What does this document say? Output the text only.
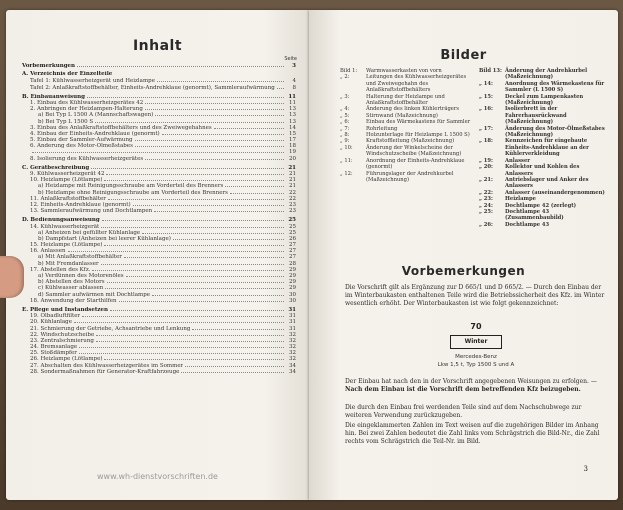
Inhalt
Seite
Vorbemerkungen	3
A. Verzeichnis der Einzelteile
Tafel 1: Kühlwasserheizgerät und Heizlampe	4
Tafel 2: Anlaßkraftstoffbehälter, Einheits-Andrehklaue (genormt), Sammleraufwärmung	8
B. Einbauanweisung	11
1. Einbau des Kühlwasserheizgerätes 42	11
2. Anbringen der Heizlampen-Halterung	13
a) Bei Typ L 1500 A (Mannschaftswagen)	13
b) Bei Typ L 1500 S	13
3. Einbau des Anlaßkraftstoffbehälters und des Zweiwegehahnes	14
4. Einbau der Einheits-Andrehklaue (genormt)	15
5. Einbau der Sammler-Aufwärmung	17
6. Änderung des Motor-Ölmeßstabes	18
19
8. Isolierung des Kühlwasserheizgerätes	20
C. Gerätbeschreibung	21
9. Kühlwasserheizgerät 42	21
10. Heizlampe (Lötlampe)	21
a) Heizlampe mit Reinigungsschraube am Vorderteil des Brenners	21
b) Heizlampe ohne Reinigungsschraube am Vorderteil des Brenners	22
11. Anlaßkraftstoffbehälter	22
12. Einheits-Andrehklaue (genormt)	23
13. Sammleraufwärmung und Dochtlampen	23
D. Bedienungsanweisung	25
14. Kühlwasserheizgerät	25
a) Anheizen bei gefüllter Kühlanlage	25
b) Dampfstart (Anheizen bei leerer Kühlanlage)	26
15. Heizlampe (Lötlampe)	27
16. Anlassen	27
a) Mit Anlaßkraftstoffbehälter	27
b) Mit Fremdanlasser	28
17. Abstellen des Kfz.	29
a) Verdünnen des Motorenöles	29
b) Abstellen des Motors	29
c) Kühlwasser ablassen	29
d) Sammler aufwärmen mit Dochtlampe	30
18. Anwendung der Starthilfen	30
E. Pflege und Instandsetzen	31
19. Ölbadluftfilter	31
20. Kühlanlage	31
21. Schmierung der Getriebe, Achsantriebe und Lenkung	31
22. Windschutzscheibe	32
23. Zentralschmierung	32
24. Bremsanlage	32
25. Stoßdämpfer	32
26. Heizlampe (Lötlampe)	32
27. Abschalten des Kühlwasserheizgerätes im Sommer	34
28. Sondermaßnahmen für Generator-Kraftfahrzeuge	34
www.wh-dienstvorschriften.de
Bilder
Bild 1:	Warmwasserkasten von vorn
„ 2:	Leitungen des Kühlwasserheizgerätes und Zweiwegehahn des Anlaßkraftstoffbehälters
„ 3:	Halterung der Heizlampe und Anlaßkraftstoffbehälter
„ 4:	Änderung des linken Kühlerträgers
„ 5:	Stirnwand (Maßzeichnung)
„ 6:	Einbau des Wärmekastens für Sammler
„ 7:	Rohrleitung
„ 8:	Holzunterlage für Heizlampe L 1500 S)
„ 9:	Kraftstoffleitung (Maßzeichnung)
„ 10:	Änderung der Winkelscheine der Windschutzscheibe (Maßzeichnung)
„ 11:	Anordnung der Einheits-Andrehklaue (genormt)
„ 12:	Führungslager der Andrehkurbel (Maßzeichnung)
Bild 13: Änderung der Andrehkurbel (Maßzeichnung)
„ 14:	Anordnung des Wärmekastens für Sammler (L 1500 S)
„ 15:	Deckel zum Lampenkasten (Maßzeichnung)
„ 16:	Isolierbrett in der Fahrerhausrückwand (Maßzeichnung)
„ 17:	Änderung des Motor-Ölmeßstabes (Maßzeichnung)
„ 18:	Kennzeichen für eingebaute Einheits-Andrehklaue an der Kühlerverkleidung
„ 19:	Anlasser
„ 20:	Kollektor und Kohlen des Anlassers
„ 21:	Antriebslager und Anker des Anlassers
„ 22:	Anlasser (auseinandergenommen)
„ 23:	Heizlampe
„ 24:	Dochtlampe 42 (zerlegt)
„ 25:	Dochtlampe 43 (Zusammenbaubild)
„ 26:	Dochtlampe 43
Vorbemerkungen
Die Vorschrift gilt als Ergänzung zur D 665/1 und D 665/2. — Durch den Einbau der im Winterbaukasten enthaltenen Teile wird die Betriebssicherheit des Kfz. im Winter wesentlich erhöht. Der Winterbaukasten ist wie folgt gekennzeichnet:
70
Winter
Mercedes-Benz
Lkw 1,5 t, Typ 1500 S und A
Der Einbau hat nach den in der Vorschrift angegebenen Weisungen zu erfolgen. — Nach dem Einbau ist die Vorschrift dem betreffenden Kfz beizugeben.
Die durch den Einbau frei werdenden Teile sind auf dem Nachschubwege zur weiteren Verwendung zurückzugeben.
Die eingeklammerten Zahlen im Text weisen auf die zugehörigen Bilder im Anhang hin. Bei zwei Zahlen bedeutet die Zahl links vom Schrägstrich die Bild-Nr., die Zahl rechts vom Schrägstrich die Teil-Nr. im Bild.
3
